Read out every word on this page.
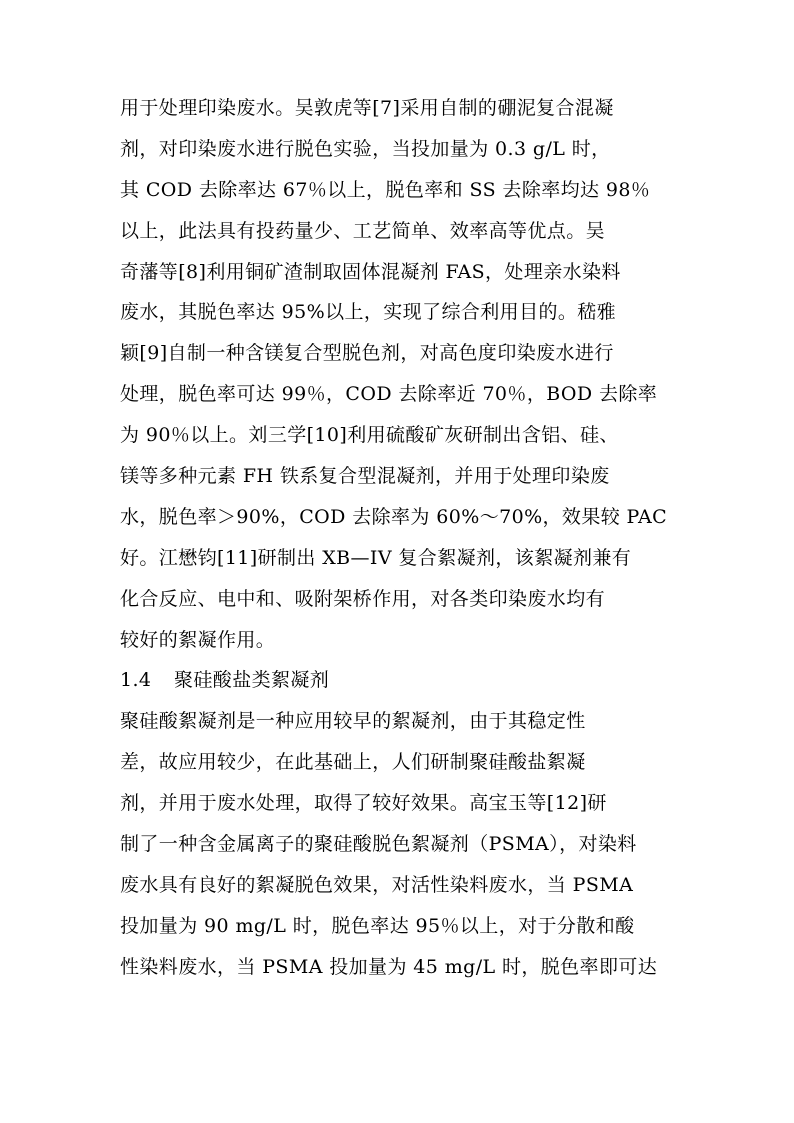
用于处理印染废水。吴敦虎等[7]采用自制的硼泥复合混凝
剂，对印染废水进行脱色实验，当投加量为 0.3 g/L 时，
其 COD 去除率达 67％以上，脱色率和 SS 去除率均达 98％
以上，此法具有投药量少、工艺简单、效率高等优点。吴
奇藩等[8]利用铜矿渣制取固体混凝剂 FAS，处理亲水染料
废水，其脱色率达 95%以上，实现了综合利用目的。嵇雅
颖[9]自制一种含镁复合型脱色剂，对高色度印染废水进行
处理，脱色率可达 99％，COD 去除率近 70％，BOD 去除率
为 90％以上。刘三学[10]利用硫酸矿灰研制出含铝、硅、
镁等多种元素 FH 铁系复合型混凝剂，并用于处理印染废
水，脱色率＞90%，COD 去除率为 60%～70%，效果较 PAC
好。江懋钧[11]研制出 XB—IV 复合絮凝剂，该絮凝剂兼有
化合反应、电中和、吸附架桥作用，对各类印染废水均有
较好的絮凝作用。
1.4 聚硅酸盐类絮凝剂
聚硅酸絮凝剂是一种应用较早的絮凝剂，由于其稳定性
差，故应用较少，在此基础上，人们研制聚硅酸盐絮凝
剂，并用于废水处理，取得了较好效果。高宝玉等[12]研
制了一种含金属离子的聚硅酸脱色絮凝剂（PSMA），对染料
废水具有良好的絮凝脱色效果，对活性染料废水，当 PSMA
投加量为 90 mg/L 时，脱色率达 95％以上，对于分散和酸
性染料废水，当 PSMA 投加量为 45 mg/L 时，脱色率即可达
